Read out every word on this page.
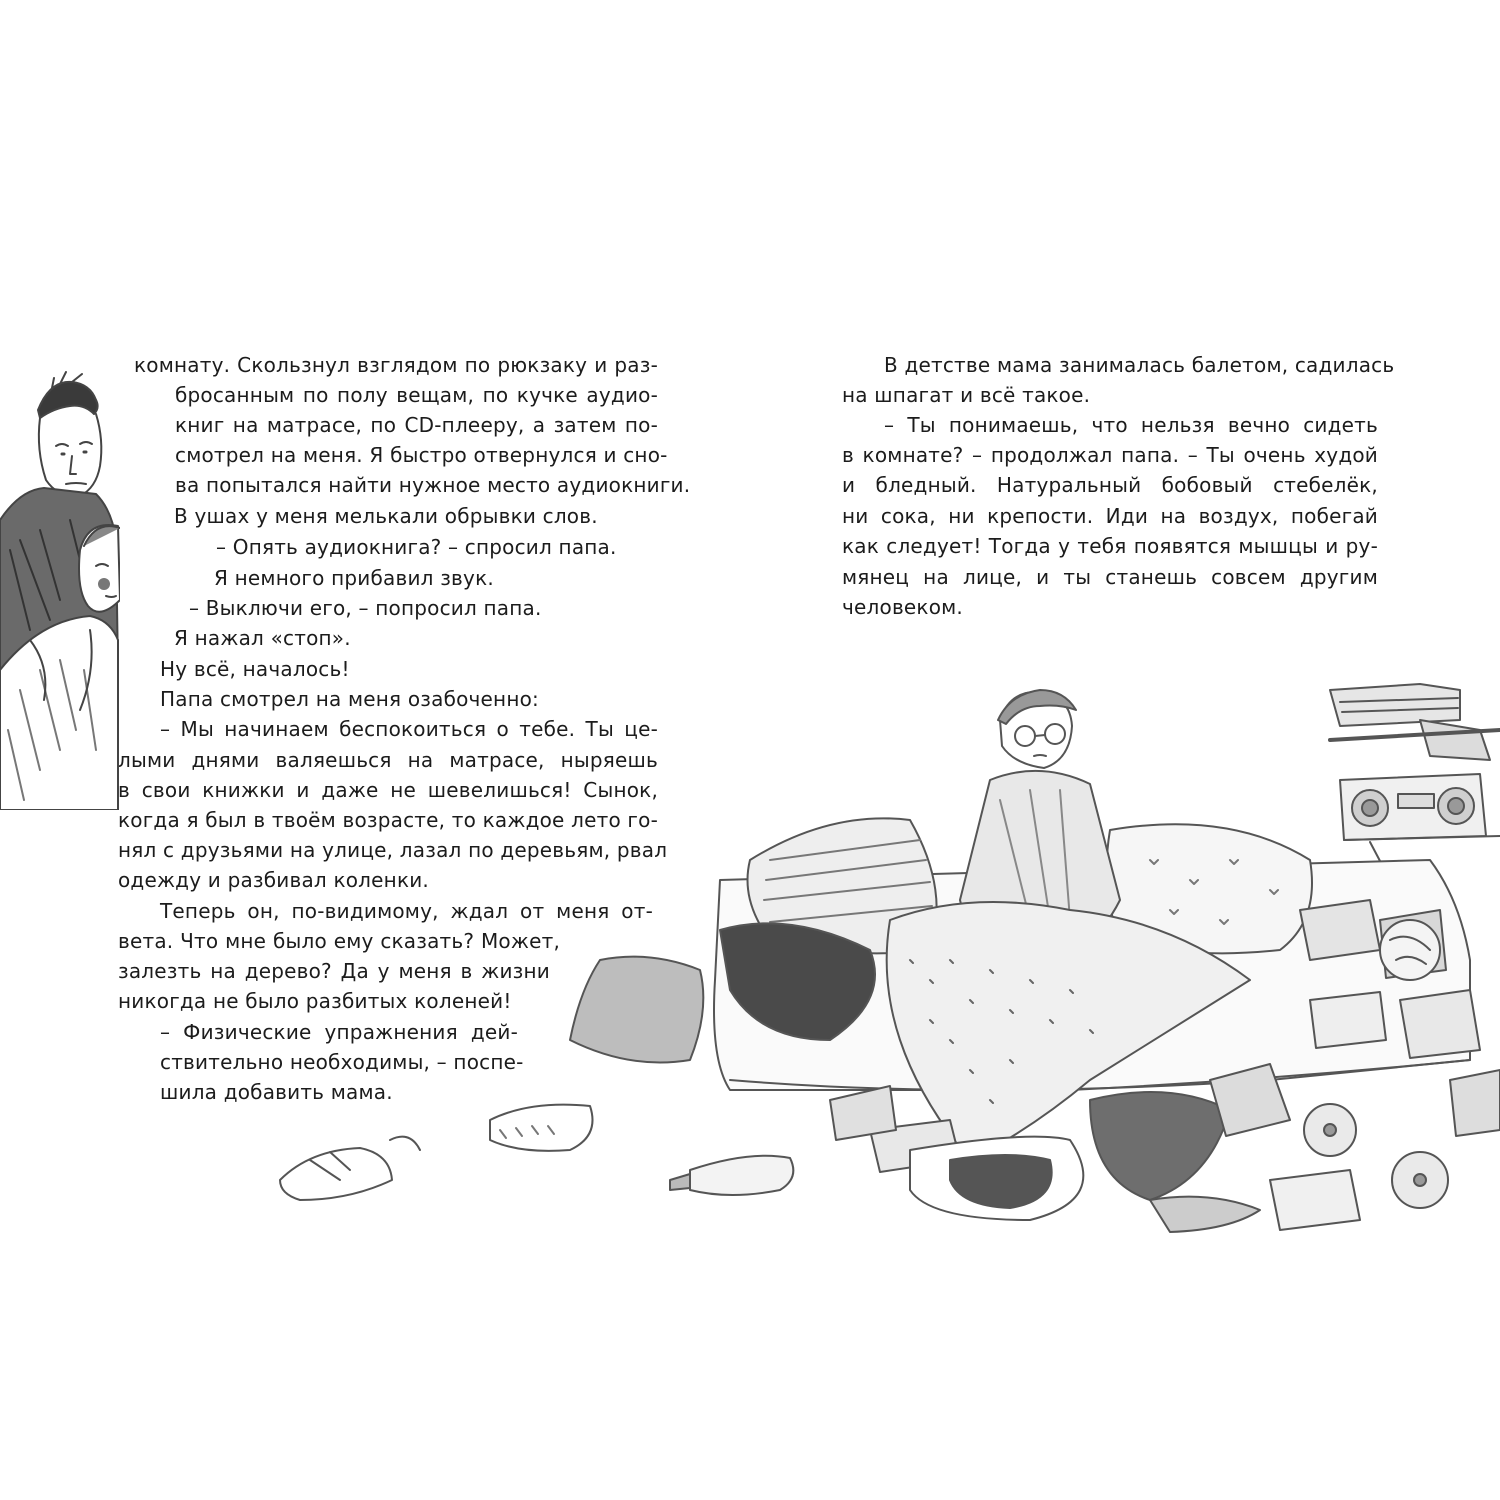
комнату. Скользнул взглядом по рюкзаку и раз-
бросанным по полу вещам, по кучке аудио-
книг на матрасе, по CD-плееру, а затем по-
смотрел на меня. Я быстро отвернулся и сно-
ва попытался найти нужное место аудиокниги.
В ушах у меня мелькали обрывки слов.
– Опять аудиокнига? – спросил папа.
Я немного прибавил звук.
– Выключи его, – попросил папа.
Я нажал «стоп».
Ну всё, началось!
Папа смотрел на меня озабоченно:
– Мы начинаем беспокоиться о тебе. Ты це-
лыми днями валяешься на матрасе, ныряешь
в свои книжки и даже не шевелишься! Сынок,
когда я был в твоём возрасте, то каждое лето го-
нял с друзьями на улице, лазал по деревьям, рвал
одежду и разбивал коленки.
Теперь он, по-видимому, ждал от меня от-
вета. Что мне было ему сказать? Может,
залезть на дерево? Да у меня в жизни
никогда не было разбитых коленей!
– Физические упражнения дей-
ствительно необходимы, – поспе-
шила добавить мама.
В детстве мама занималась балетом, садилась
на шпагат и всё такое.
– Ты понимаешь, что нельзя вечно сидеть
в комнате? – продолжал папа. – Ты очень худой
и бледный. Натуральный бобовый стебелёк,
ни сока, ни крепости. Иди на воздух, побегай
как следует! Тогда у тебя появятся мышцы и ру-
мянец на лице, и ты станешь совсем другим
человеком.
